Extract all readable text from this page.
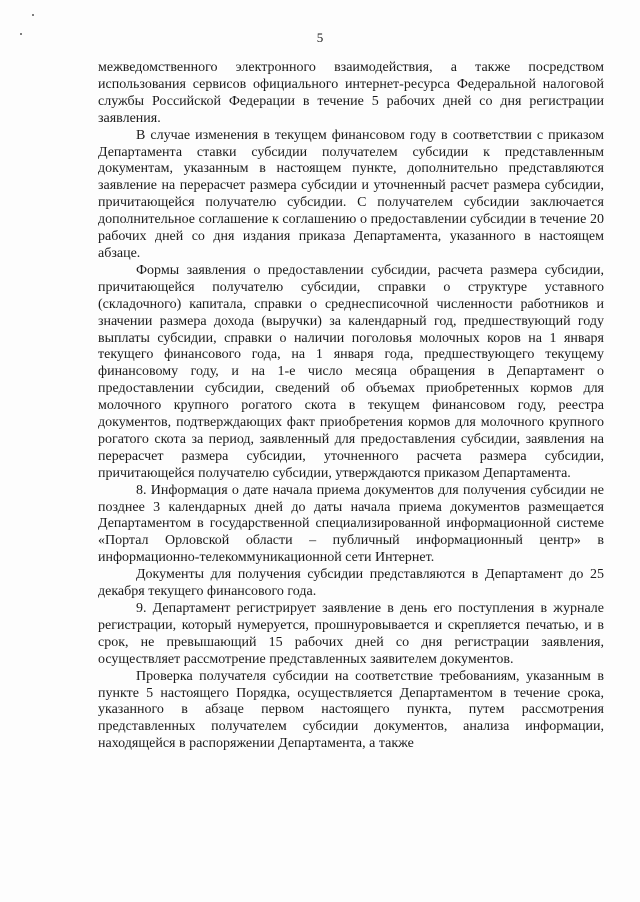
5

межведомственного электронного взаимодействия, а также посредством использования сервисов официального интернет-ресурса Федеральной налоговой службы Российской Федерации в течение 5 рабочих дней со дня регистрации заявления.

В случае изменения в текущем финансовом году в соответствии с приказом Департамента ставки субсидии получателем субсидии к представленным документам, указанным в настоящем пункте, дополнительно представляются заявление на перерасчет размера субсидии и уточненный расчет размера субсидии, причитающейся получателю субсидии. С получателем субсидии заключается дополнительное соглашение к соглашению о предоставлении субсидии в течение 20 рабочих дней со дня издания приказа Департамента, указанного в настоящем абзаце.

Формы заявления о предоставлении субсидии, расчета размера субсидии, причитающейся получателю субсидии, справки о структуре уставного (складочного) капитала, справки о среднесписочной численности работников и значении размера дохода (выручки) за календарный год, предшествующий году выплаты субсидии, справки о наличии поголовья молочных коров на 1 января текущего финансового года, на 1 января года, предшествующего текущему финансовому году, и на 1-е число месяца обращения в Департамент о предоставлении субсидии, сведений об объемах приобретенных кормов для молочного крупного рогатого скота в текущем финансовом году, реестра документов, подтверждающих факт приобретения кормов для молочного крупного рогатого скота за период, заявленный для предоставления субсидии, заявления на перерасчет размера субсидии, уточненного расчета размера субсидии, причитающейся получателю субсидии, утверждаются приказом Департамента.

8. Информация о дате начала приема документов для получения субсидии не позднее 3 календарных дней до даты начала приема документов размещается Департаментом в государственной специализированной информационной системе «Портал Орловской области – публичный информационный центр» в информационно-телекоммуникационной сети Интернет.

Документы для получения субсидии представляются в Департамент до 25 декабря текущего финансового года.

9. Департамент регистрирует заявление в день его поступления в журнале регистрации, который нумеруется, прошнуровывается и скрепляется печатью, и в срок, не превышающий 15 рабочих дней со дня регистрации заявления, осуществляет рассмотрение представленных заявителем документов.

Проверка получателя субсидии на соответствие требованиям, указанным в пункте 5 настоящего Порядка, осуществляется Департаментом в течение срока, указанного в абзаце первом настоящего пункта, путем рассмотрения представленных получателем субсидии документов, анализа информации, находящейся в распоряжении Департамента, а также
